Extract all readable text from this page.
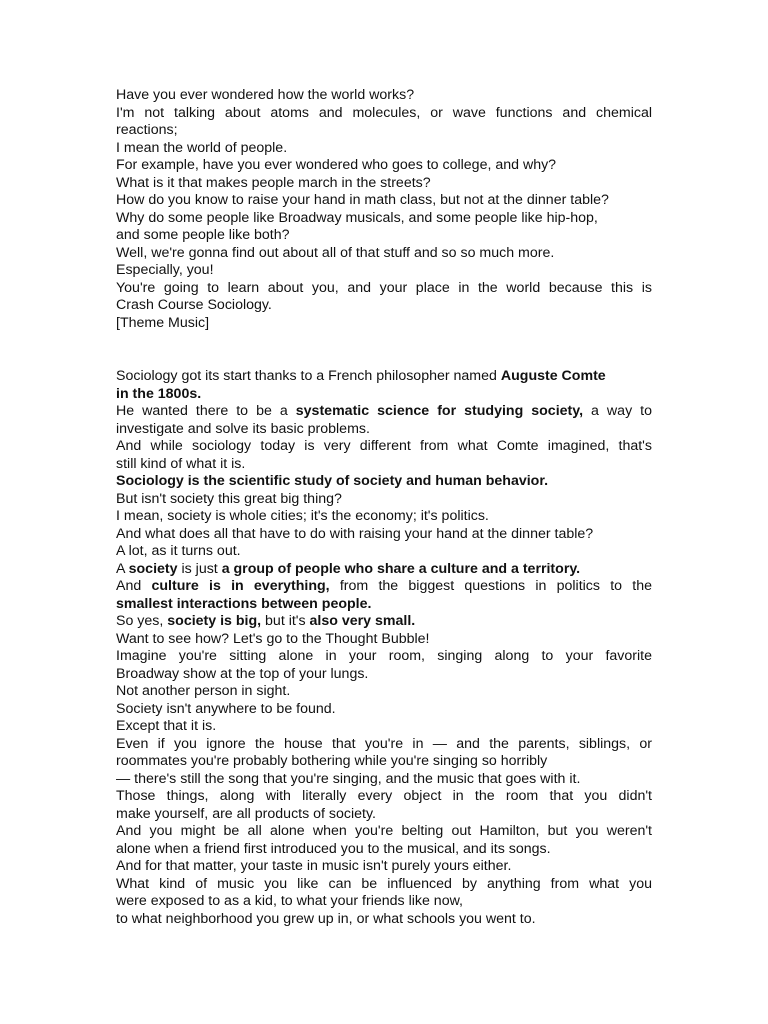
Have you ever wondered how the world works?
I'm not talking about atoms and molecules, or wave functions and chemical
reactions;
I mean the world of people.
For example, have you ever wondered who goes to college, and why?
What is it that makes people march in the streets?
How do you know to raise your hand in math class, but not at the dinner table?
Why do some people like Broadway musicals, and some people like hip-hop,
and some people like both?
Well, we're gonna find out about all of that stuff and so so much more.
Especially, you!
You're going to learn about you, and your place in the world because this is
Crash Course Sociology.
[Theme Music]
Sociology got its start thanks to a French philosopher named Auguste Comte
in the 1800s.
He wanted there to be a systematic science for studying society, a way to
investigate and solve its basic problems.
And while sociology today is very different from what Comte imagined, that's
still kind of what it is.
Sociology is the scientific study of society and human behavior.
But isn't society this great big thing?
I mean, society is whole cities; it's the economy; it's politics.
And what does all that have to do with raising your hand at the dinner table?
A lot, as it turns out.
A society is just a group of people who share a culture and a territory.
And culture is in everything, from the biggest questions in politics to the
smallest interactions between people.
So yes, society is big, but it's also very small.
Want to see how? Let's go to the Thought Bubble!
Imagine you're sitting alone in your room, singing along to your favorite
Broadway show at the top of your lungs.
Not another person in sight.
Society isn't anywhere to be found.
Except that it is.
Even if you ignore the house that you're in — and the parents, siblings, or
roommates you're probably bothering while you're singing so horribly
— there's still the song that you're singing, and the music that goes with it.
Those things, along with literally every object in the room that you didn't
make yourself, are all products of society.
And you might be all alone when you're belting out Hamilton, but you weren't
alone when a friend first introduced you to the musical, and its songs.
And for that matter, your taste in music isn't purely yours either.
What kind of music you like can be influenced by anything from what you
were exposed to as a kid, to what your friends like now,
to what neighborhood you grew up in, or what schools you went to.
